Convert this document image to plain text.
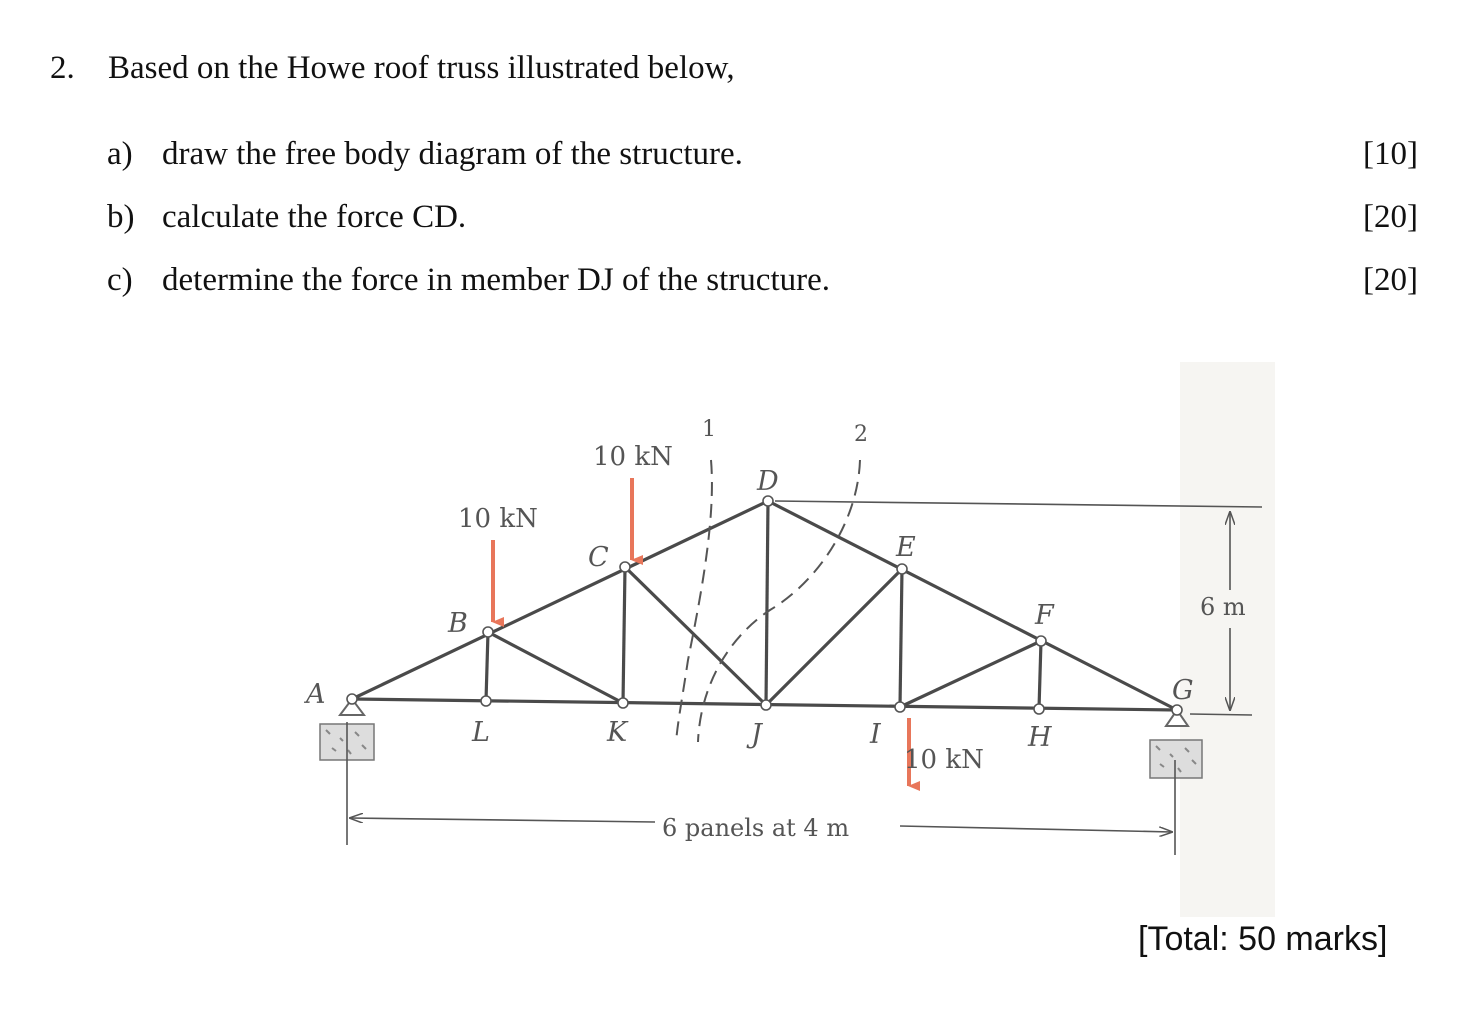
2. Based on the Howe roof truss illustrated below,
a) draw the free body diagram of the structure.	[10]
b) calculate the force CD.	[20]
c) determine the force in member DJ of the structure.	[20]
1	2
10 kN
10 kN
10 kN
A
B
C
D
E
F
G
H
I
J
K
L
6 m
6 panels at 4 m
[Total: 50 marks]
